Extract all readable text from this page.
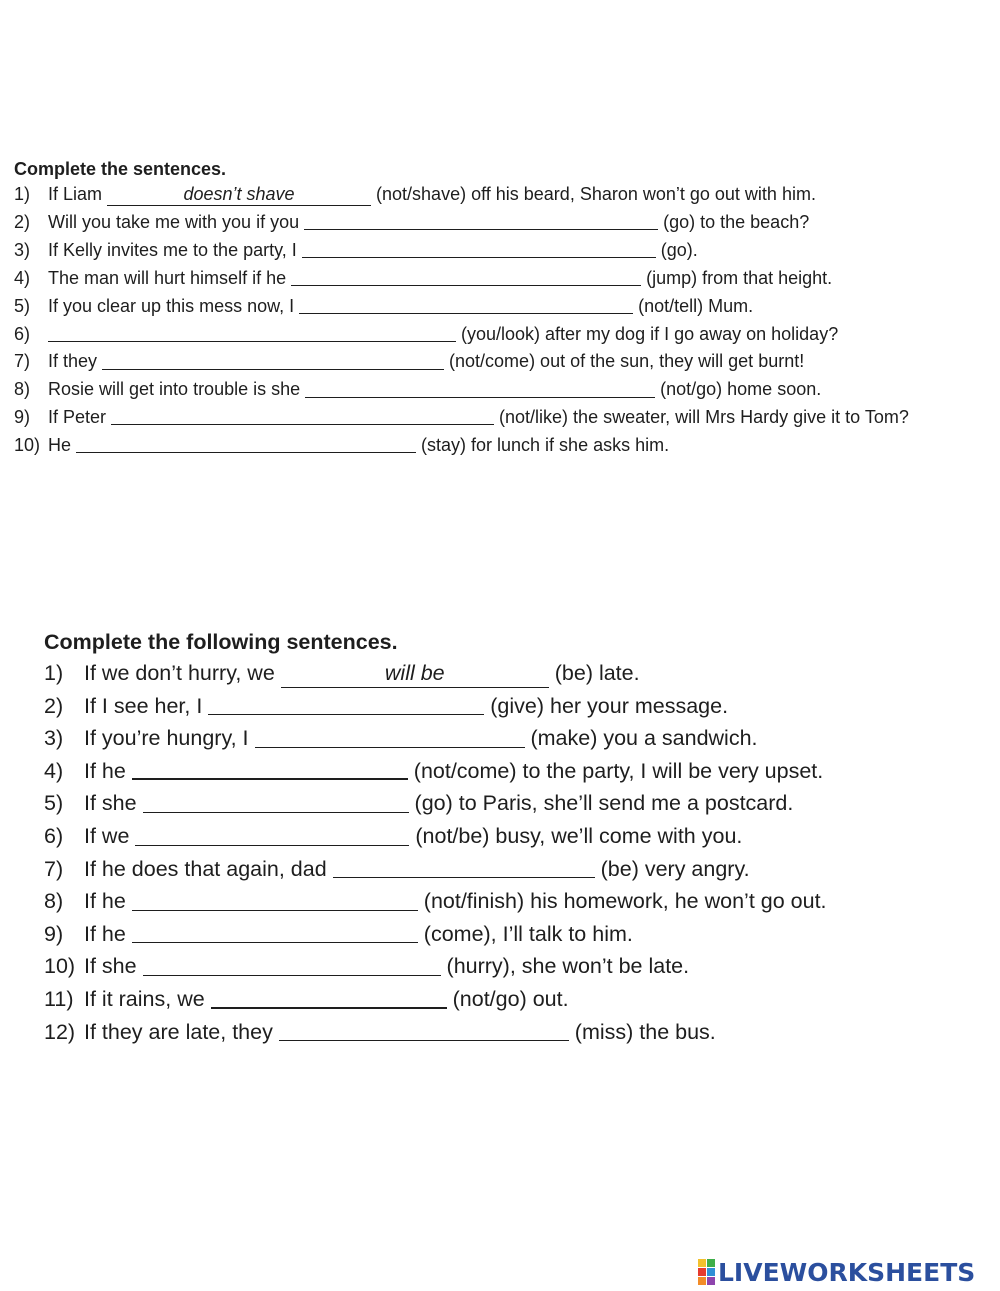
Complete the sentences.
1) If Liam	doesn’t shave	(not/shave) off his beard, Sharon won’t go out with him.
2) Will you take me with you if you	(go) to the beach?
3) If Kelly invites me to the party, I	(go).
4) The man will hurt himself if he	(jump) from that height.
5) If you clear up this mess now, I	(not/tell) Mum.
6)	(you/look) after my dog if I go away on holiday?
7) If they	(not/come) out of the sun, they will get burnt!
8) Rosie will get into trouble is she	(not/go) home soon.
9) If Peter	(not/like) the sweater, will Mrs Hardy give it to Tom?
10) He	(stay) for lunch if she asks him.
Complete the following sentences.
1) If we don’t hurry, we	will be	(be) late.
2) If I see her, I	(give) her your message.
3) If you’re hungry, I	(make) you a sandwich.
4) If he	(not/come) to the party, I will be very upset.
5) If she	(go) to Paris, she’ll send me a postcard.
6) If we	(not/be) busy, we’ll come with you.
7) If he does that again, dad	(be) very angry.
8) If he	(not/finish) his homework, he won’t go out.
9) If he	(come), I’ll talk to him.
10) If she	(hurry), she won’t be late.
11) If it rains, we	(not/go) out.
12) If they are late, they	(miss) the bus.
LIVEWORKSHEETS
